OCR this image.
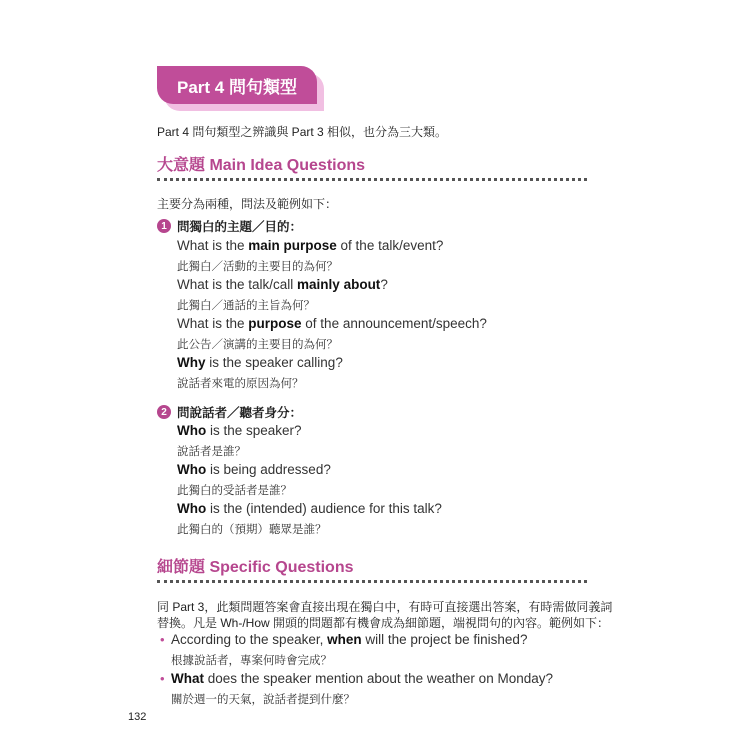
Part 4 問句類型
Part 4 問句類型之辨識與 Part 3 相似，也分為三大類。
大意題 Main Idea Questions
主要分為兩種，問法及範例如下：
1 問獨白的主題／目的：
What is the main purpose of the talk/event?
此獨白／活動的主要目的為何？
What is the talk/call mainly about?
此獨白／通話的主旨為何？
What is the purpose of the announcement/speech?
此公告／演講的主要目的為何？
Why is the speaker calling?
說話者來電的原因為何？
2 問說話者／聽者身分：
Who is the speaker?
說話者是誰？
Who is being addressed?
此獨白的受話者是誰？
Who is the (intended) audience for this talk?
此獨白的（預期）聽眾是誰？
細節題 Specific Questions
同 Part 3，此類問題答案會直接出現在獨白中，有時可直接選出答案，有時需做同義詞
替換。凡是 Wh-/How 開頭的問題都有機會成為細節題，端視問句的內容。範例如下：
• According to the speaker, when will the project be finished?
根據說話者，專案何時會完成？
• What does the speaker mention about the weather on Monday?
關於週一的天氣，說話者提到什麼？
132
